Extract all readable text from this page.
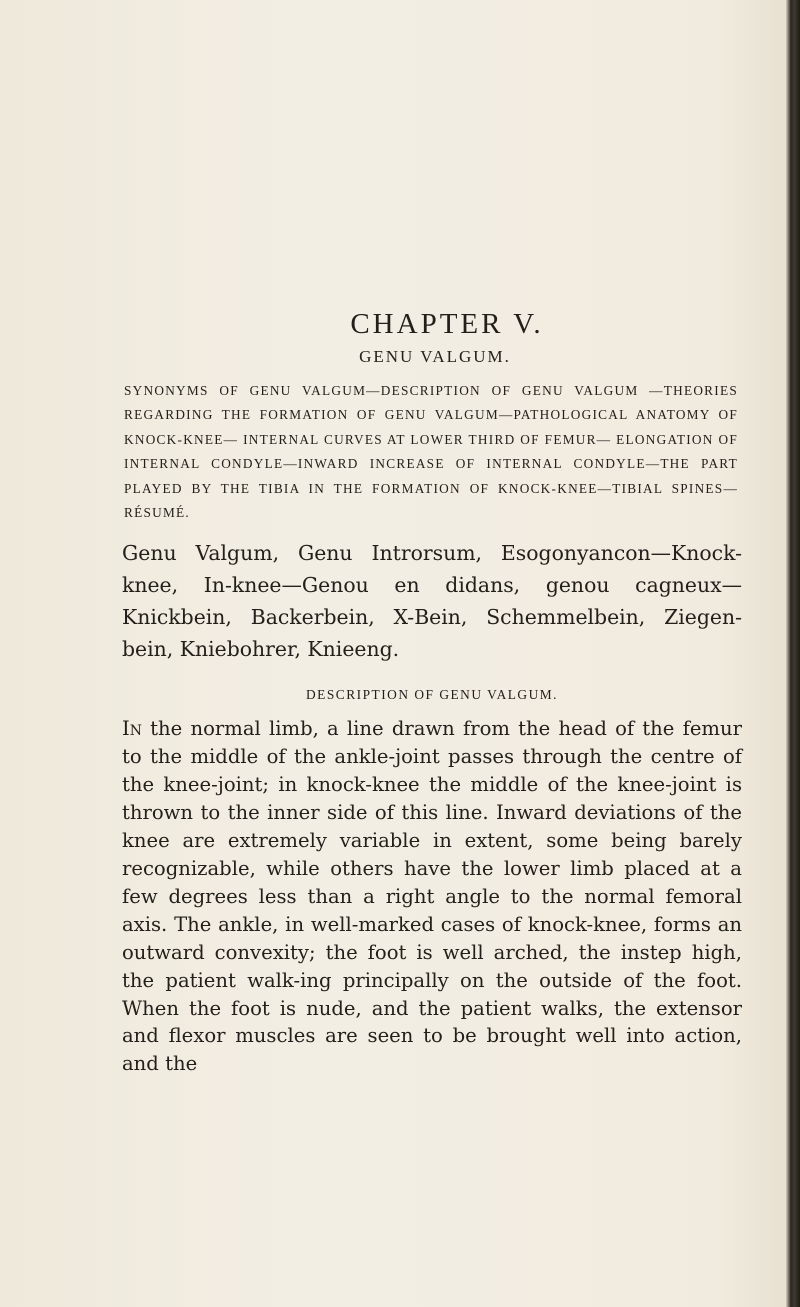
CHAPTER V.
GENU VALGUM.

SYNONYMS OF GENU VALGUM—DESCRIPTION OF GENU VALGUM —THEORIES REGARDING THE FORMATION OF GENU VALGUM—PATHOLOGICAL ANATOMY OF KNOCK-KNEE— INTERNAL CURVES AT LOWER THIRD OF FEMUR— ELONGATION OF INTERNAL CONDYLE—INWARD INCREASE OF INTERNAL CONDYLE—THE PART PLAYED BY THE TIBIA IN THE FORMATION OF KNOCK-KNEE—TIBIAL SPINES—RÉSUMÉ.

Genu Valgum, Genu Introrsum, Esogonyancon—Knock-knee, In-knee—Genou en didans, genou cagneux—Knickbein, Backerbein, X-Bein, Schemmelbein, Ziegen-bein, Kniebohrer, Knieeng.

DESCRIPTION OF GENU VALGUM.

In the normal limb, a line drawn from the head of the femur to the middle of the ankle-joint passes through the centre of the knee-joint; in knock-knee the middle of the knee-joint is thrown to the inner side of this line. Inward deviations of the knee are extremely variable in extent, some being barely recognizable, while others have the lower limb placed at a few degrees less than a right angle to the normal femoral axis. The ankle, in well-marked cases of knock-knee, forms an outward convexity; the foot is well arched, the instep high, the patient walk-ing principally on the outside of the foot. When the foot is nude, and the patient walks, the extensor and flexor muscles are seen to be brought well into action, and the
